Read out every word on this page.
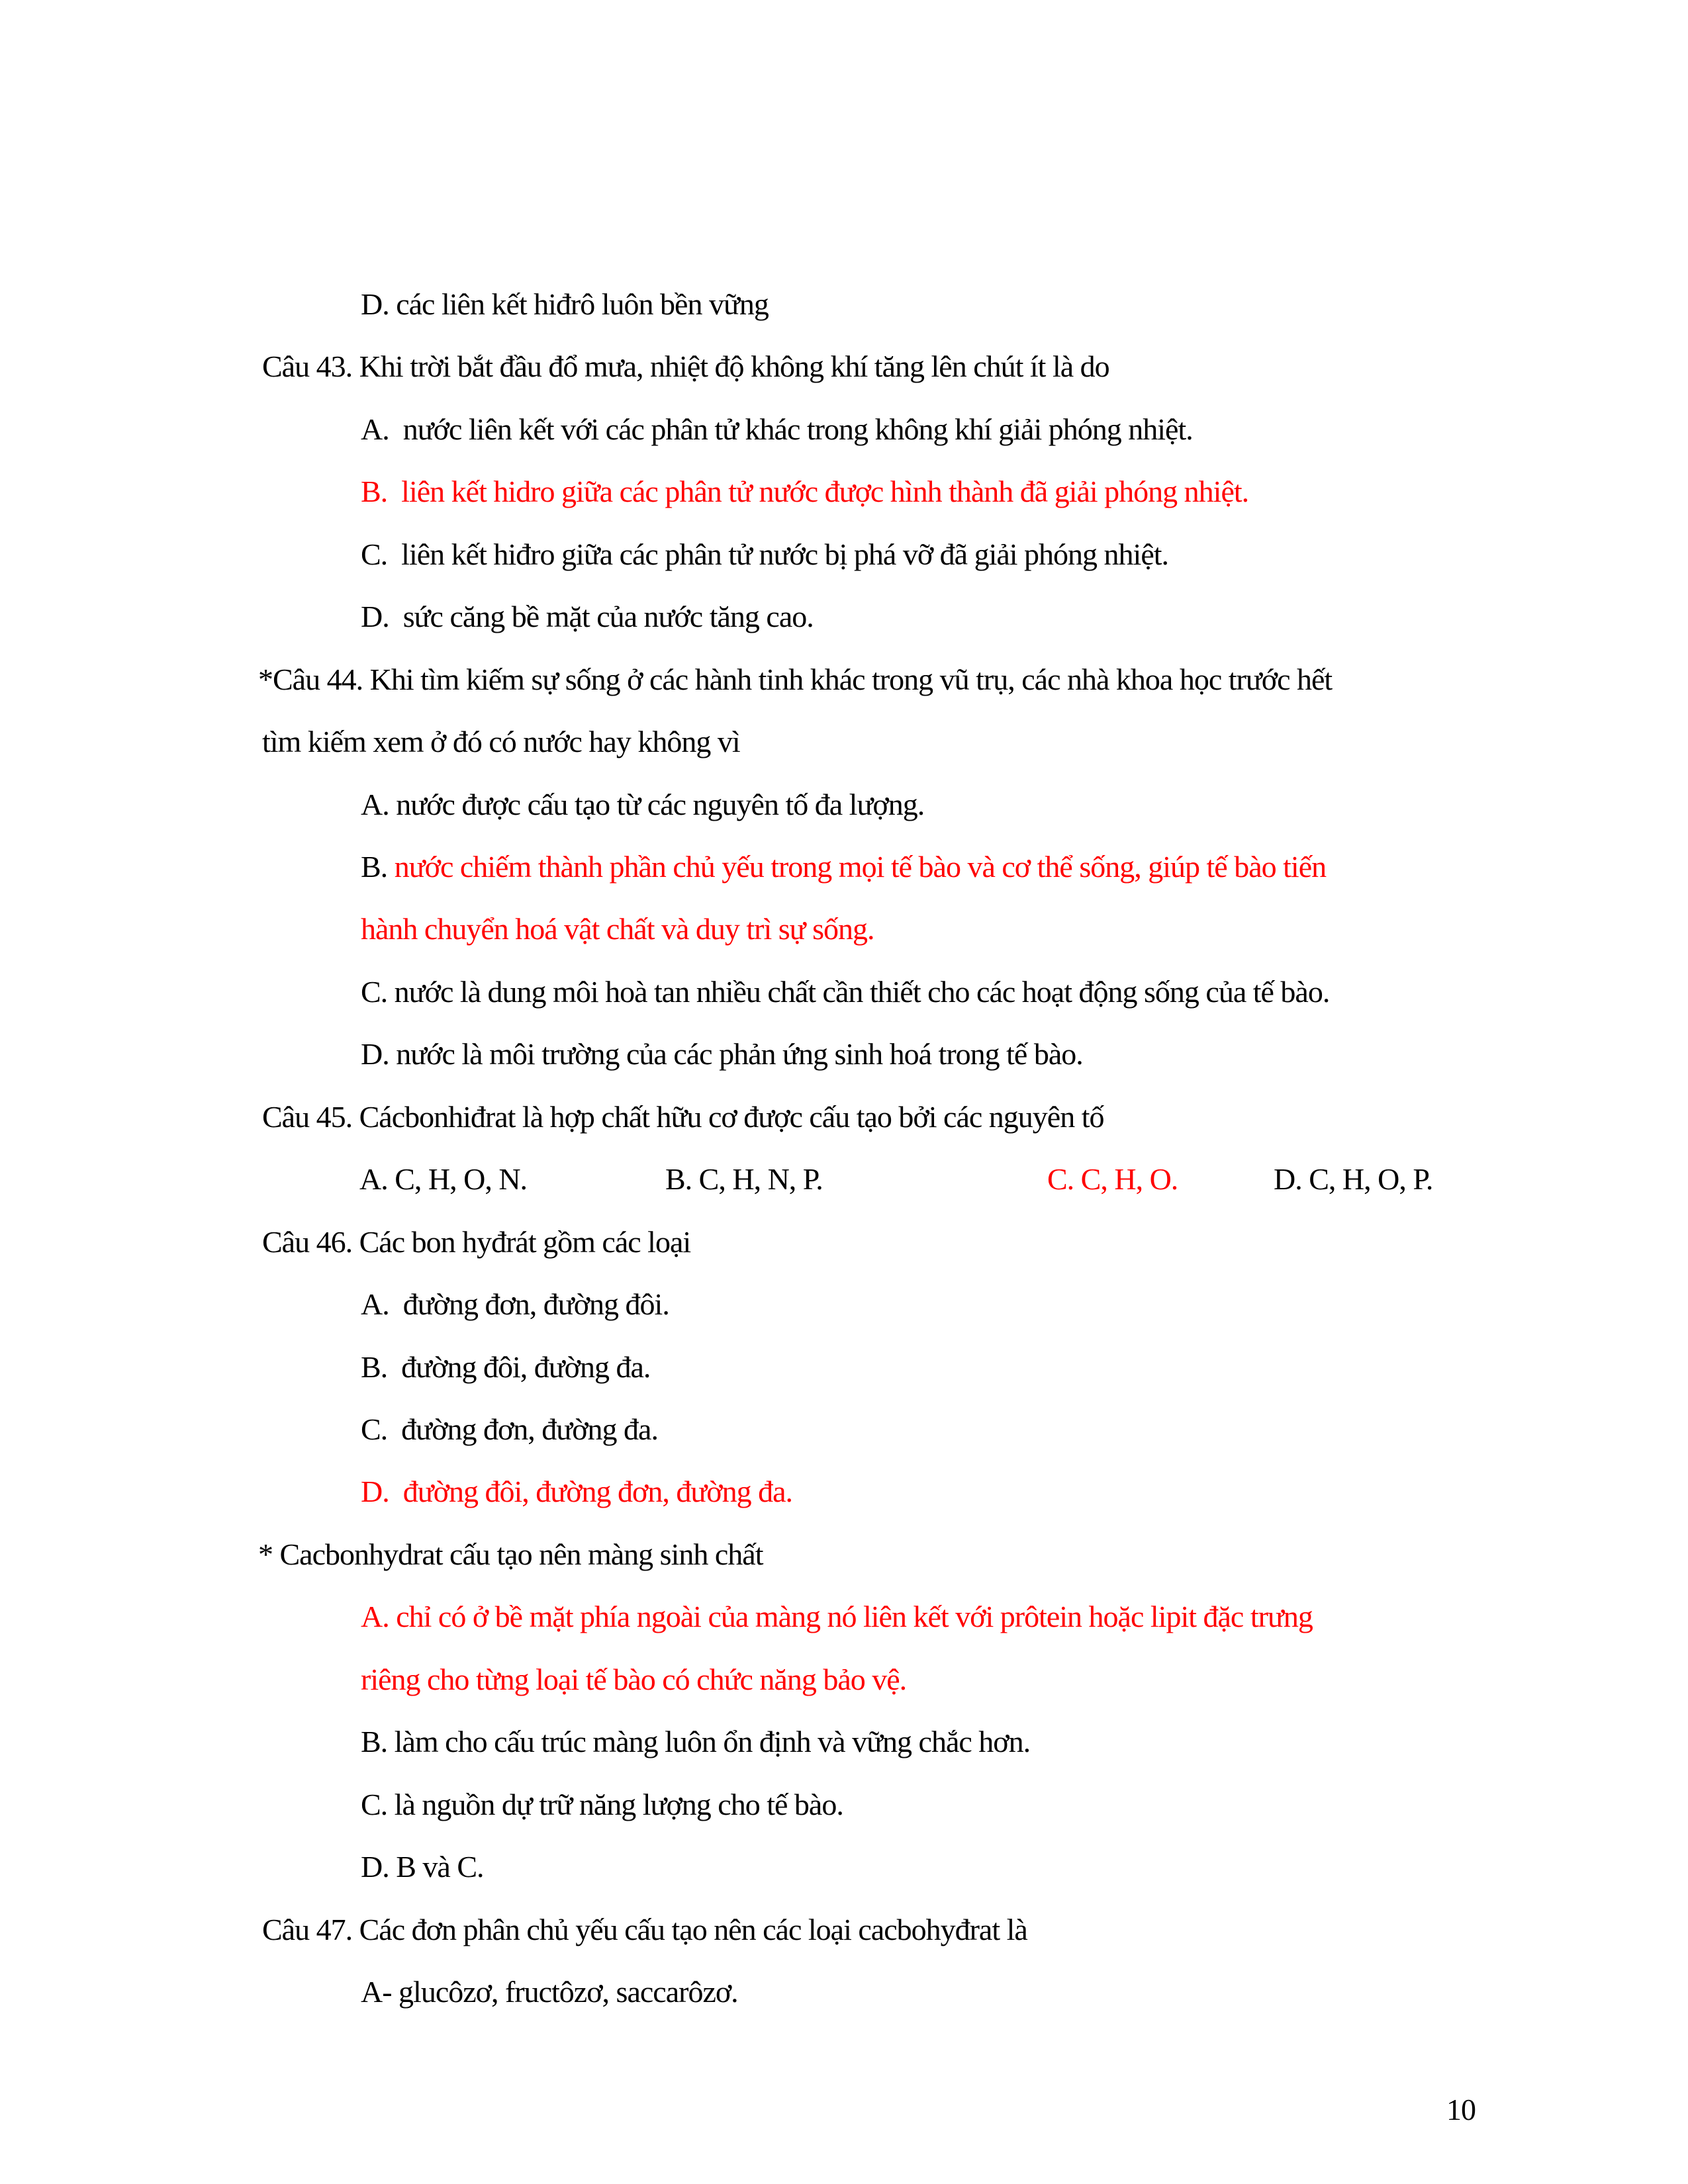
10
D. các liên kết hiđrô luôn bền vững
Câu 43. Khi trời bắt đầu đổ mưa, nhiệt độ không khí tăng lên chút ít là do
A.  nước liên kết với các phân tử khác trong không khí giải phóng nhiệt.
B.  liên kết hidro giữa các phân tử nước được hình thành đã giải phóng nhiệt.
C.  liên kết hiđro giữa các phân tử nước bị phá vỡ đã giải phóng nhiệt.
D.  sức căng bề mặt của nước tăng cao.
*Câu 44. Khi tìm kiếm sự sống ở các hành tinh khác trong vũ trụ, các nhà khoa học trước hết
tìm kiếm xem ở đó có nước hay không vì
A. nước được cấu tạo từ các nguyên tố đa lượng.
B. nước chiếm thành phần chủ yếu trong mọi tế bào và cơ thể sống, giúp tế bào tiến
hành chuyển hoá vật chất và duy trì sự sống.
C. nước là dung môi hoà tan nhiều chất cần thiết cho các hoạt động sống của tế bào.
D. nước là môi trường của các phản ứng sinh hoá trong tế bào.
Câu 45. Cácbonhiđrat là hợp chất hữu cơ được cấu tạo bởi các nguyên tố
A. C, H, O, N.	B. C, H, N, P.	C. C, H, O.	D. C, H, O, P.
Câu 46. Các bon hyđrát gồm các loại
A.  đường đơn, đường đôi.
B.  đường đôi, đường đa.
C.  đường đơn, đường đa.
D.  đường đôi, đường đơn, đường đa.
* Cacbonhydrat cấu tạo nên màng sinh chất
A. chỉ có ở bề mặt phía ngoài của màng nó liên kết với prôtein hoặc lipit đặc trưng
riêng cho từng loại tế bào có chức năng bảo vệ.
B. làm cho cấu trúc màng luôn ổn định và vững chắc hơn.
C. là nguồn dự trữ năng lượng cho tế bào.
D. B và C.
Câu 47. Các đơn phân chủ yếu cấu tạo nên các loại cacbohyđrat là
A- glucôzơ, fructôzơ, saccarôzơ.
